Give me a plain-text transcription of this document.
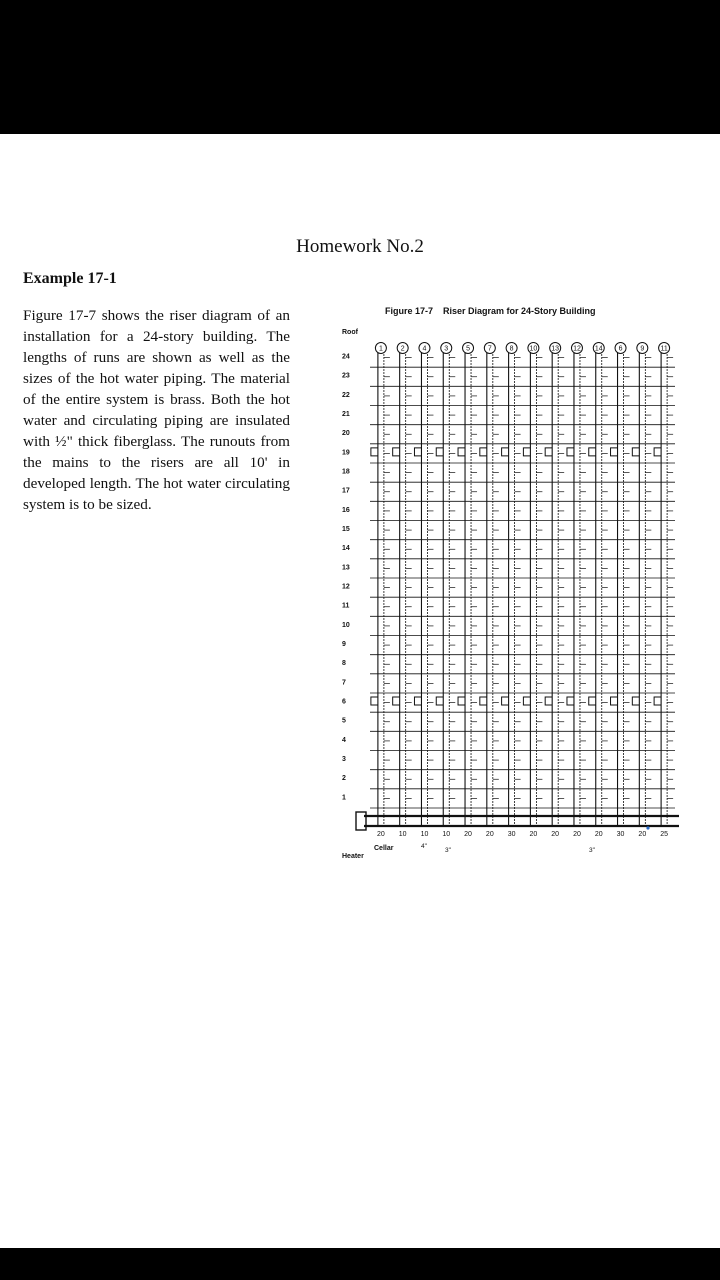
Homework No.2
Example 17-1
Figure 17-7 shows the riser diagram of an installation for a 24-story building. The lengths of runs are shown as well as the sizes of the hot water piping. The material of the entire system is brass. Both the hot water and circulating piping are insulated with ½" thick fiberglass. The runouts from the mains to the risers are all 10' in developed length. The hot water circulating system is to be sized.
Figure 17-7 Riser Diagram for 24-Story Building
Roof
24
23
22
21
20
19
18
17
16
15
14
13
12
11
10
9
8
7
6
5
4
3
2
1
1	2	4	3	5	7	8 10 13 12 14 6	9 11
20 10 10 10 20 20 30 20 20 20 20 30 20 25
4"
3"	3"
Heater
Cellar
